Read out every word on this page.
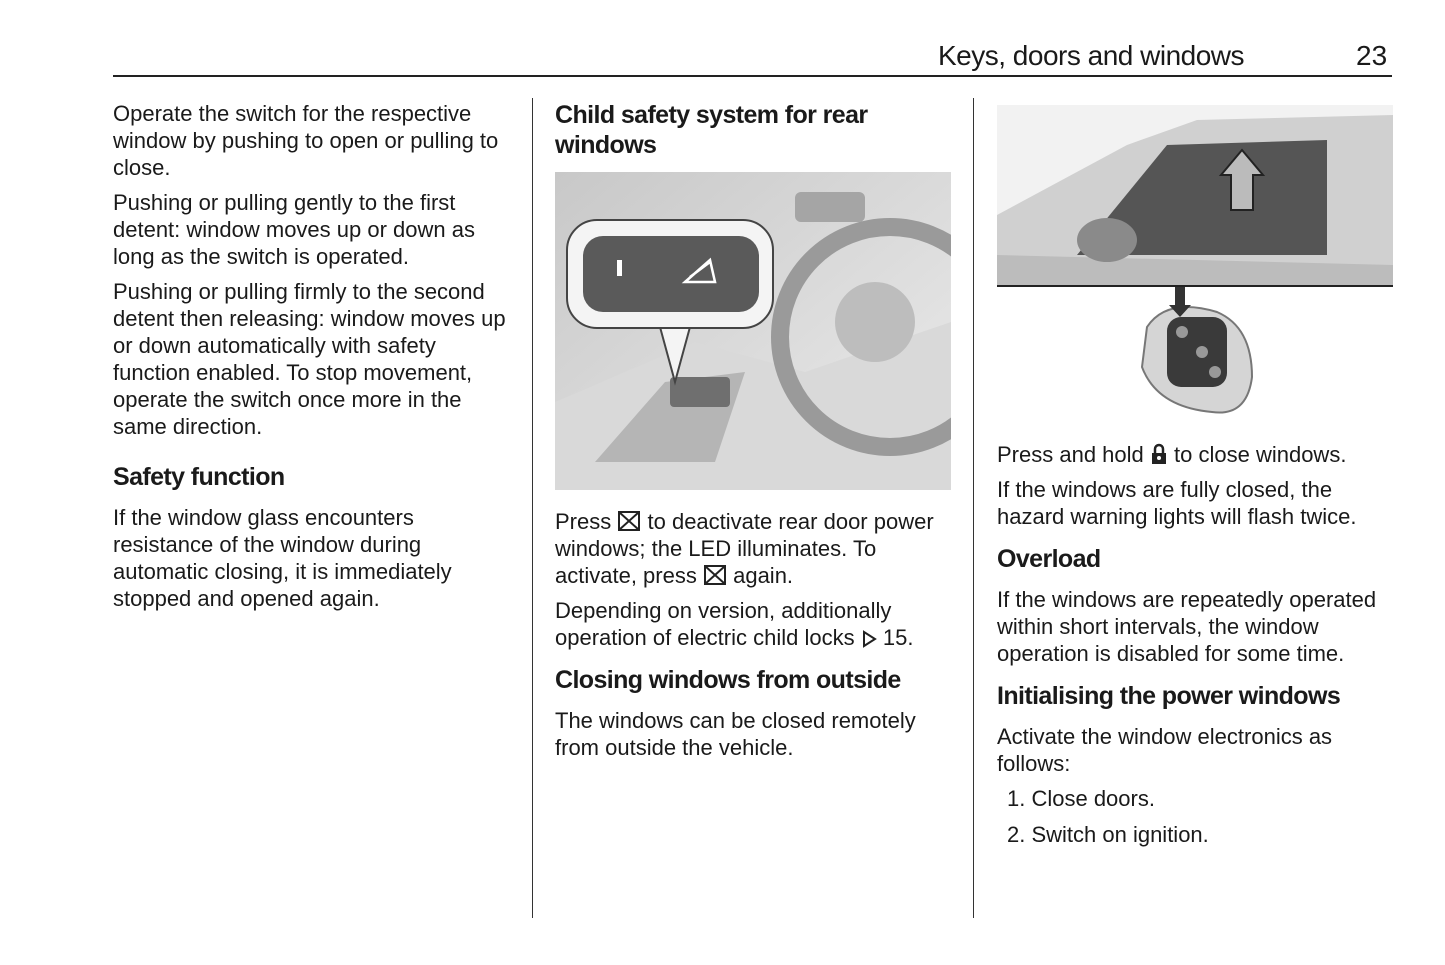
Keys, doors and windows	23

Operate the switch for the respective window by pushing to open or pulling to close.

Pushing or pulling gently to the first detent: window moves up or down as long as the switch is operated.

Pushing or pulling firmly to the second detent then releasing: window moves up or down automatically with safety function enabled. To stop movement, operate the switch once more in the same direction.

Safety function

If the window glass encounters resistance of the window during automatic closing, it is immediately stopped and opened again.

Child safety system for rear windows

Press to deactivate rear door power windows; the LED illuminates. To activate, press again.

Depending on version, additionally operation of electric child locks 15.

Closing windows from outside

The windows can be closed remotely from outside the vehicle.

Press and hold to close windows.

If the windows are fully closed, the hazard warning lights will flash twice.

Overload

If the windows are repeatedly operated within short intervals, the window operation is disabled for some time.

Initialising the power windows

Activate the window electronics as follows:

1. Close doors.
2. Switch on ignition.
